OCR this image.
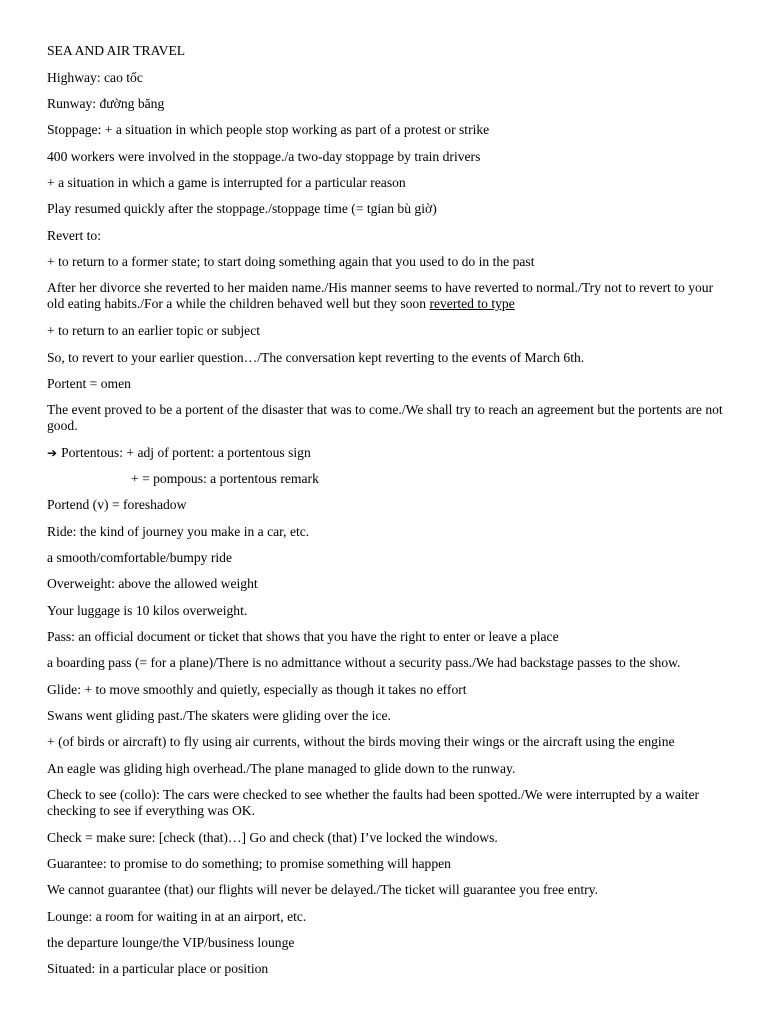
SEA AND AIR TRAVEL
Highway: cao tốc
Runway: đường băng
Stoppage: + a situation in which people stop working as part of a protest or strike
400 workers were involved in the stoppage./a two-day stoppage by train drivers
+ a situation in which a game is interrupted for a particular reason
Play resumed quickly after the stoppage./stoppage time (= tgian bù giờ)
Revert to:
+ to return to a former state; to start doing something again that you used to do in the past
After her divorce she reverted to her maiden name./His manner seems to have reverted to normal./Try not to revert to your old eating habits./For a while the children behaved well but they soon reverted to type
+ to return to an earlier topic or subject
So, to revert to your earlier question…/The conversation kept reverting to the events of March 6th.
Portent = omen
The event proved to be a portent of the disaster that was to come./We shall try to reach an agreement but the portents are not good.
➔ Portentous: + adj of portent: a portentous sign
+ = pompous: a portentous remark
Portend (v) = foreshadow
Ride: the kind of journey you make in a car, etc.
a smooth/comfortable/bumpy ride
Overweight: above the allowed weight
Your luggage is 10 kilos overweight.
Pass: an official document or ticket that shows that you have the right to enter or leave a place
a boarding pass (= for a plane)/There is no admittance without a security pass./We had backstage passes to the show.
Glide: + to move smoothly and quietly, especially as though it takes no effort
Swans went gliding past./The skaters were gliding over the ice.
+ (of birds or aircraft) to fly using air currents, without the birds moving their wings or the aircraft using the engine
An eagle was gliding high overhead./The plane managed to glide down to the runway.
Check to see (collo): The cars were checked to see whether the faults had been spotted./We were interrupted by a waiter checking to see if everything was OK.
Check = make sure: [check (that)…] Go and check (that) I’ve locked the windows.
Guarantee: to promise to do something; to promise something will happen
We cannot guarantee (that) our flights will never be delayed./The ticket will guarantee you free entry.
Lounge: a room for waiting in at an airport, etc.
the departure lounge/the VIP/business lounge
Situated: in a particular place or position
